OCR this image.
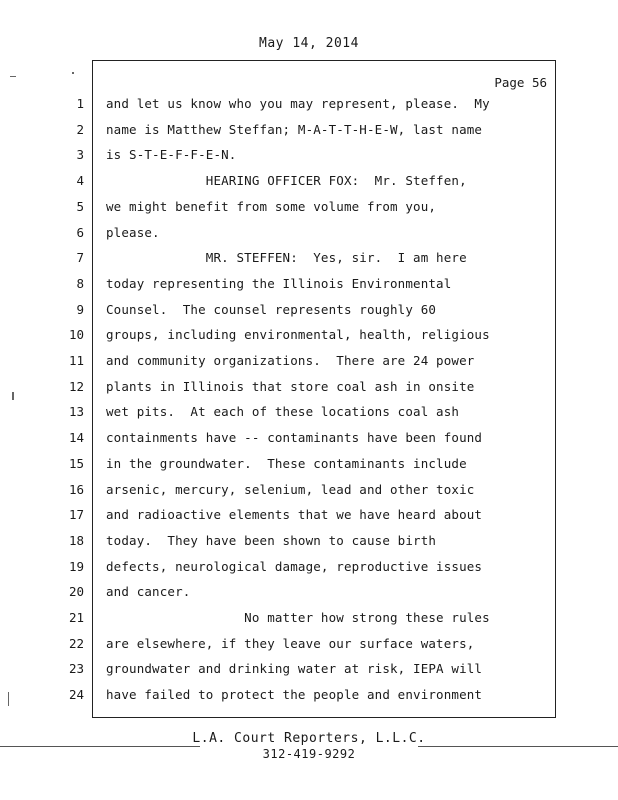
May 14, 2014
Page 56
1 and let us know who you may represent, please.  My
2 name is Matthew Steffan; M-A-T-T-H-E-W, last name
3 is S-T-E-F-F-E-N.
4 HEARING OFFICER FOX:  Mr. Steffen,
5 we might benefit from some volume from you,
6 please.
7 MR. STEFFEN:  Yes, sir.  I am here
8 today representing the Illinois Environmental
9 Counsel.  The counsel represents roughly 60
10 groups, including environmental, health, religious
11 and community organizations.  There are 24 power
12 plants in Illinois that store coal ash in onsite
13 wet pits.  At each of these locations coal ash
14 containments have -- contaminants have been found
15 in the groundwater.  These contaminants include
16 arsenic, mercury, selenium, lead and other toxic
17 and radioactive elements that we have heard about
18 today.  They have been shown to cause birth
19 defects, neurological damage, reproductive issues
20 and cancer.
21 No matter how strong these rules
22 are elsewhere, if they leave our surface waters,
23 groundwater and drinking water at risk, IEPA will
24 have failed to protect the people and environment
L.A. Court Reporters, L.L.C.
312-419-9292
